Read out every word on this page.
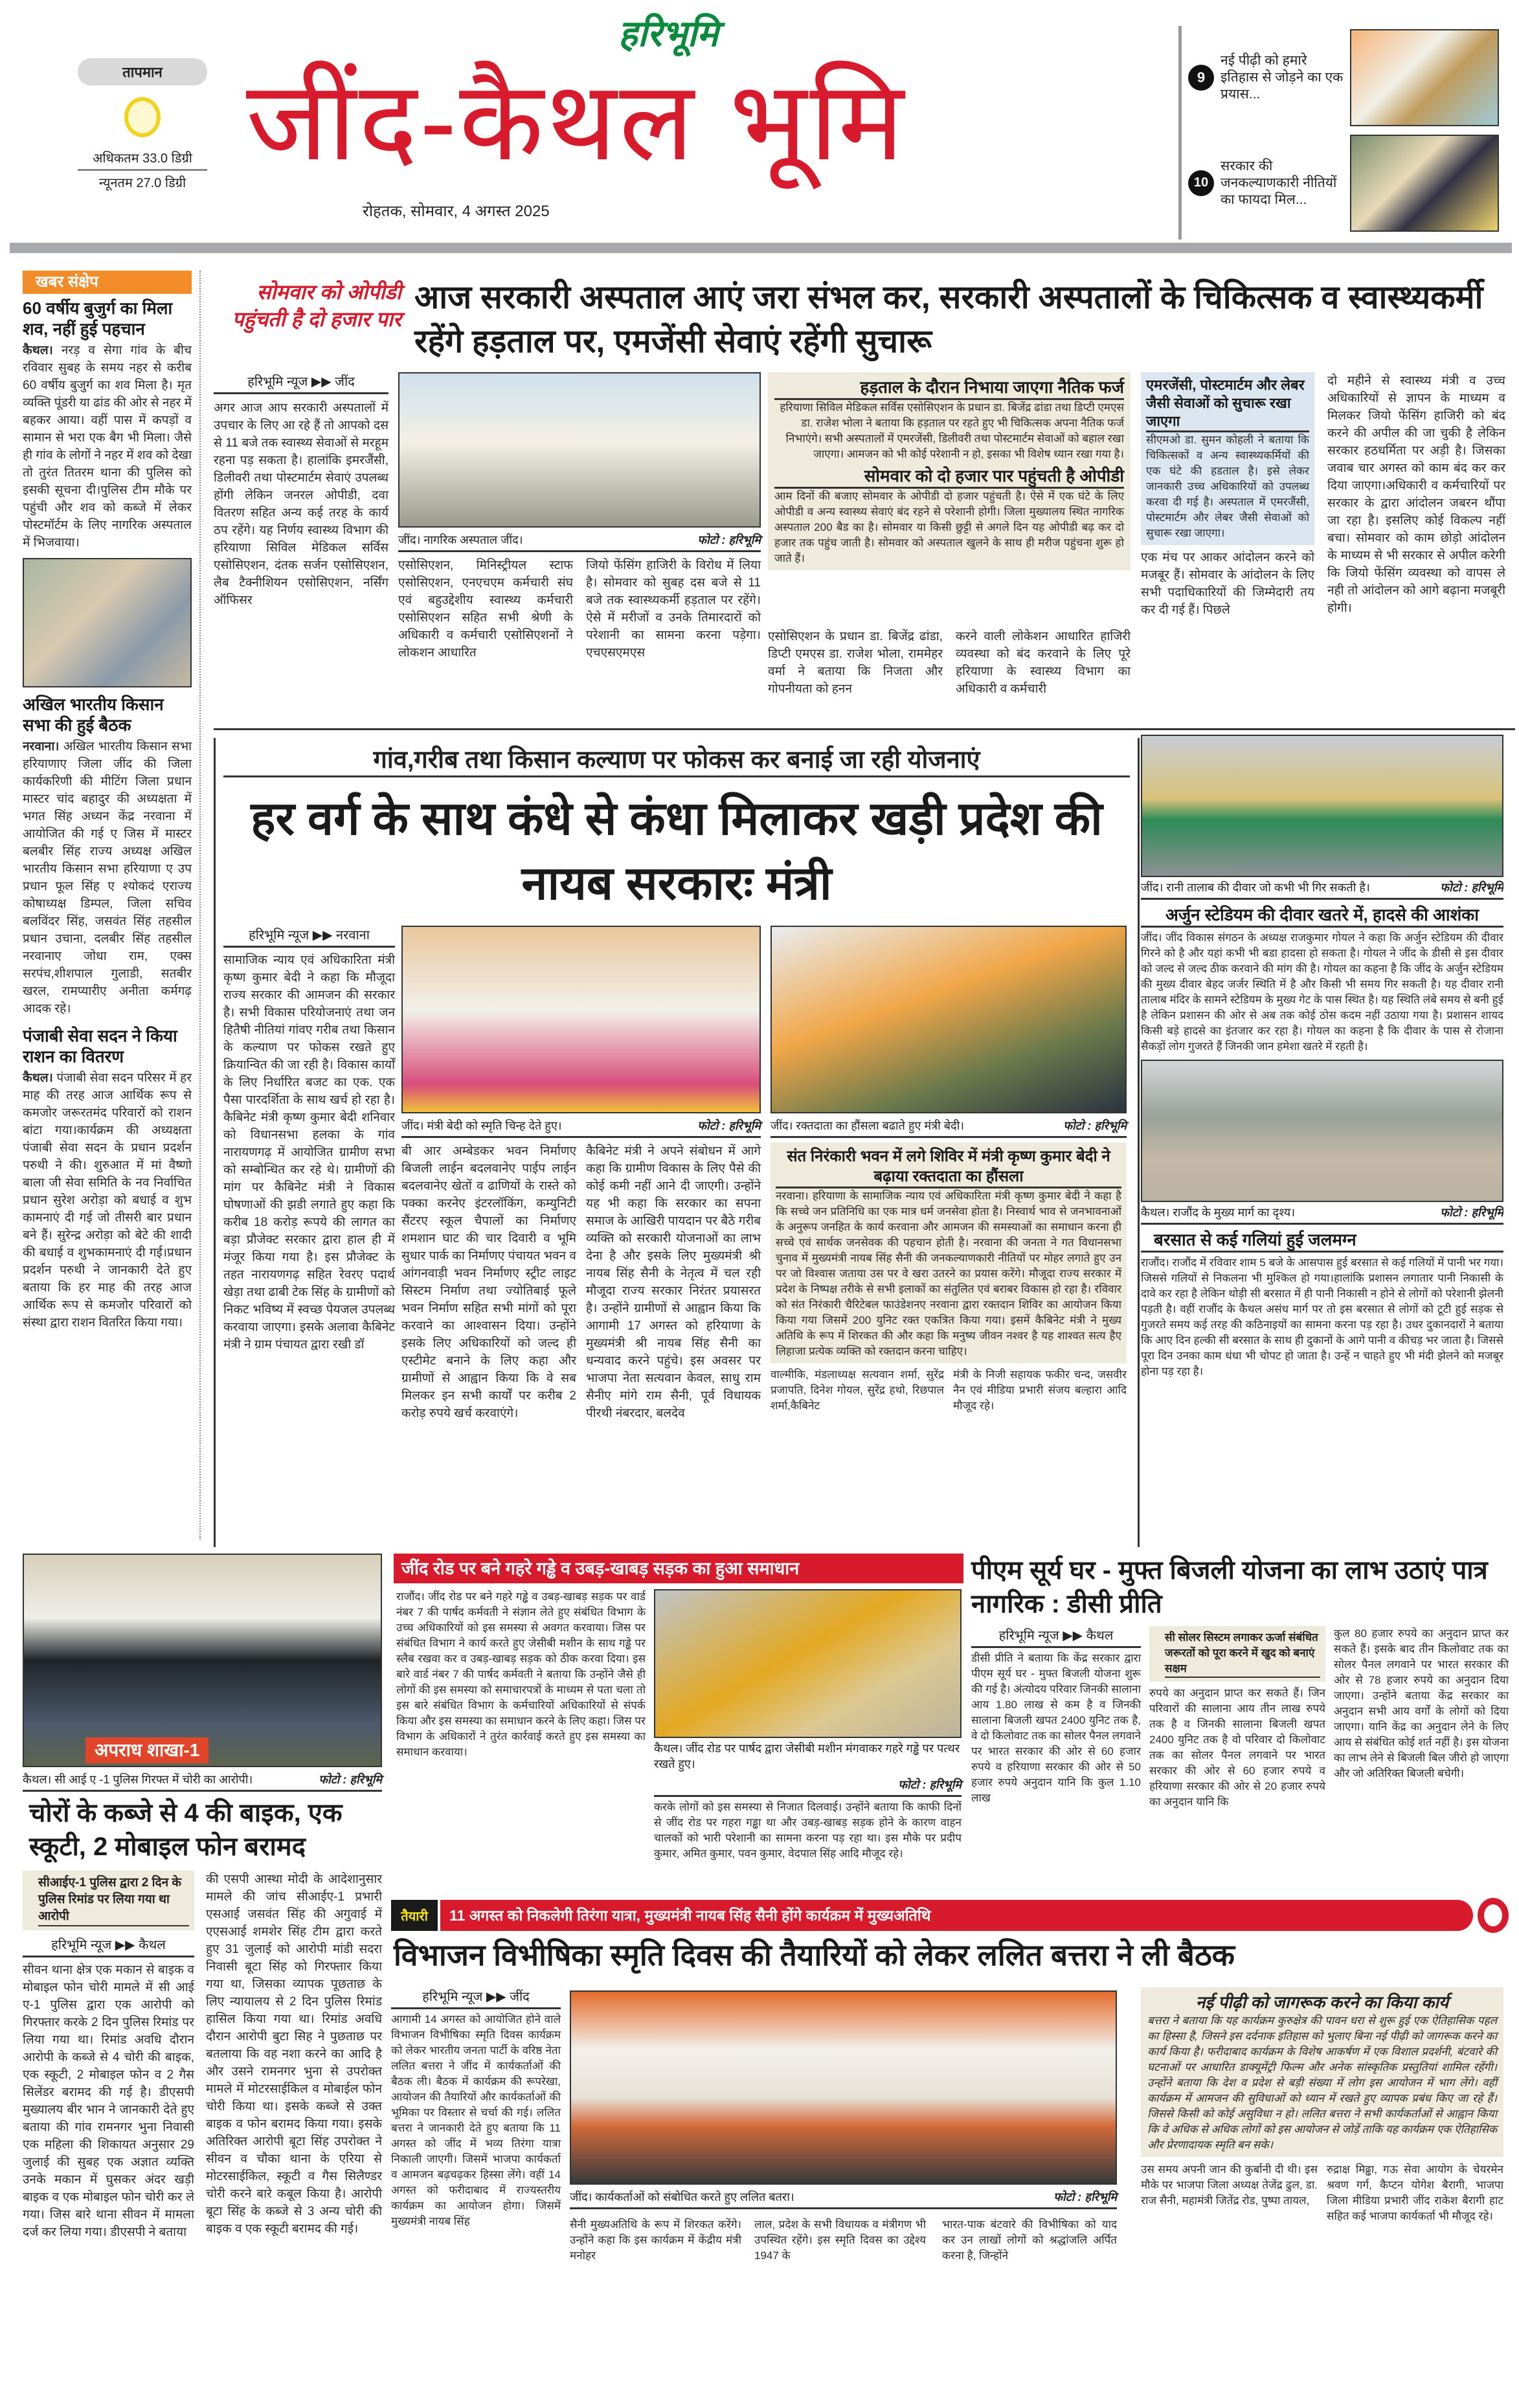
तापमान
अधिकतम 33.0 डिग्री
न्यूनतम 27.0 डिग्री
हरिभूमि
जींद-कैथल भूमि
रोहतक, सोमवार, 4 अगस्त 2025
9
नई पीढ़ी को हमारे इतिहास से जोड़ने का एक प्रयास...
10
सरकार की जनकल्याणकारी नीतियों का फायदा मिल...
खबर संक्षेप
60 वर्षीय बुजुर्ग का मिला शव, नहीं हुई पहचान
कैथल। नरड़ व सेगा गांव के बीच रविवार सुबह के समय नहर से करीब 60 वर्षीय बुजुर्ग का शव मिला है। मृत व्यक्ति पूंडरी या ढांड की ओर से नहर में बहकर आया। वहीं पास में कपड़ों व सामान से भरा एक बैग भी मिला। जैसे ही गांव के लोगों ने नहर में शव को देखा तो तुरंत तितरम थाना की पुलिस को इसकी सूचना दी।पुलिस टीम मौके पर पहुंची और शव को कब्जे में लेकर पोस्टमॉर्टम के लिए नागरिक अस्पताल में भिजवाया।
अखिल भारतीय किसान सभा की हुई बैठक
नरवाना। अखिल भारतीय किसान सभा हरियाणाए जिला जींद की जिला कार्यकरिणी की मीटिंग जिला प्रधान मास्टर चांद बहादुर की अध्यक्षता में भगत सिंह अध्यन केंद्र नरवाना में आयोजित की गई ए जिस में मास्टर बलबीर सिंह राज्य अध्यक्ष अखिल भारतीय किसान सभा हरियाणा ए उप प्रधान फूल सिंह ए श्योकदं एराज्य कोषाध्यक्ष डिम्पल, जिला सचिव बलविंदर सिंह, जसवंत सिंह तहसील प्रधान उचाना, दलबीर सिंह तहसील नरवानाए जोधा राम, एक्स सरपंच,शीशपाल गुलाडी, सतबीर खरल, रामप्यारीए अनीता कर्मगढ़ आदक रहे।
पंजाबी सेवा सदन ने किया राशन का वितरण
कैथल। पंजाबी सेवा सदन परिसर में हर माह की तरह आज आर्थिक रूप से कमजोर जरूरतमंद परिवारों को राशन बांटा गया।कार्यक्रम की अध्यक्षता पंजाबी सेवा सदन के प्रधान प्रदर्शन परुथी ने की। शुरुआत में मां वैष्णो बाला जी सेवा समिति के नव निर्वाचित प्रधान सुरेश अरोड़ा को बधाई व शुभ कामनाएं दी गई जो तीसरी बार प्रधान बने हैं। सुरेन्द्र अरोड़ा को बेटे की शादी की बधाई व शुभकामनाएं दी गई।प्रधान प्रदर्शन परुथी ने जानकारी देते हुए बताया कि हर माह की तरह आज आर्थिक रूप से कमजोर परिवारों को संस्था द्वारा राशन वितरित किया गया।
सोमवार को ओपीडी पहुंचती है दो हजार पार
आज सरकारी अस्पताल आएं जरा संभल कर, सरकारी अस्पतालों के चिकित्सक व स्वास्थ्यकर्मी रहेंगे हड़ताल पर, एमजेंसी सेवाएं रहेंगी सुचारू
हरिभूमि न्यूज ▶▶ जींद
अगर आज आप सरकारी अस्पतालों में उपचार के लिए आ रहे हैं तो आपको दस से 11 बजे तक स्वास्थ्य सेवाओं से मरहूम रहना पड़ सकता है। हालांकि इमरजैंसी, डिलीवरी तथा पोस्टमार्टम सेवाएं उपलब्ध होंगी लेकिन जनरल ओपीडी, दवा वितरण सहित अन्य कई तरह के कार्य ठप रहेंगे। यह निर्णय स्वास्थ्य विभाग की हरियाणा सिविल मेडिकल सर्विस एसोसिएशन, दंतक सर्जन एसोसिएशन, लैब टैक्नीशियन एसोसिएशन, नर्सिंग ऑफिसर
जींद। नागरिक अस्पताल जींद।	फोटो : हरिभूमि
एसोसिएशन, मिनिस्ट्रीयल स्टाफ एसोसिएशन, एनएचएम कर्मचारी संघ एवं बहुउद्देशीय स्वास्थ्य कर्मचारी एसोसिएशन सहित सभी श्रेणी के अधिकारी व कर्मचारी एसोसिएशनों ने लोकशन आधारित
जियो फेंसिंग हाजिरी के विरोध में लिया है। सोमवार को सुबह दस बजे से 11 बजे तक स्वास्थ्यकर्मी हड़ताल पर रहेंगे। ऐसे में मरीजों व उनके तिमारदारों को परेशानी का सामना करना पड़ेगा। एचएसएमएस
हड़ताल के दौरान निभाया जाएगा नैतिक फर्ज
हरियाणा सिविल मेडिकल सर्विस एसोसिएशन के प्रधान डा. बिजेंद्र ढांडा तथा डिप्टी एमएस डा. राजेश भोला ने बताया कि हड़ताल पर रहते हुए भी चिकित्सक अपना नैतिक फर्ज निभाएंगे। सभी अस्पतालों में एमरजेंसी, डिलीवरी तथा पोस्टमार्टम सेवाओं को बहाल रखा जाएगा। आमजन को भी कोई परेशानी न हो, इसका भी विशेष ध्यान रखा गया है।
सोमवार को दो हजार पार पहुंचती है ओपीडी
आम दिनों की बजाए सोमवार के ओपीडी दो हजार पहुंचती है। ऐसे में एक घंटे के लिए ओपीडी व अन्य स्वास्थ्य सेवाएं बंद रहने से परेशानी होगी। जिला मुख्यालय स्थित नागरिक अस्पताल 200 बैड का है। सोमवार या किसी छुट्टी से अगले दिन यह ओपीडी बढ़ कर दो हजार तक पहुंच जाती है। सोमवार को अस्पताल खुलने के साथ ही मरीज पहुंचना शुरू हो जाते हैं।
एसोसिएशन के प्रधान डा. बिजेंद्र ढांडा, डिप्टी एमएस डा. राजेश भोला, राममेहर वर्मा ने बताया कि निजता और गोपनीयता को हनन
करने वाली लोकेशन आधारित हाजिरी व्यवस्था को बंद करवाने के लिए पूरे हरियाणा के स्वास्थ्य विभाग का अधिकारी व कर्मचारी
एमरजेंसी, पोस्टमार्टम और लेबर जैसी सेवाओं को सुचारू रखा जाएगा
सीएमओ डा. सुमन कोहली ने बताया कि चिकित्सकों व अन्य स्वास्थ्यकर्मियों की एक घंटे की हडताल है। इसे लेकर जानकारी उच्च अधिकारियों को उपलब्ध करवा दी गई है। अस्पताल में एमरजैंसी, पोस्टमार्टम और लेबर जैसी सेवाओं को सुचारू रखा जाएगा।
एक मंच पर आकर आंदोलन करने को मजबूर हैं। सोमवार के आंदोलन के लिए सभी पदाधिकारियों की जिम्मेदारी तय कर दी गई हैं। पिछले
दो महीने से स्वास्थ्य मंत्री व उच्च अधिकारियों से ज्ञापन के माध्यम व मिलकर जियो फेंसिंग हाजिरी को बंद करने की अपील की जा चुकी है लेकिन सरकार हठधर्मिता पर अड़ी है। जिसका जवाब चार अगस्त को काम बंद कर कर दिया जाएगा।अधिकारी व कर्मचारियों पर सरकार के द्वारा आंदोलन जबरन थौंपा जा रहा है। इसलिए कोई विकल्प नहीं बचा। सोमवार को काम छोड़ो आंदोलन के माध्यम से भी सरकार से अपील करेगी कि जियो फेंसिंग व्यवस्था को वापस ले नही तो आंदोलन को आगे बढ़ाना मजबूरी होगी।
गांव,गरीब तथा किसान कल्याण पर फोकस कर बनाई जा रही योजनाएं
हर वर्ग के साथ कंधे से कंधा मिलाकर खड़ी प्रदेश की नायब सरकारः मंत्री
हरिभूमि न्यूज ▶▶ नरवाना
सामाजिक न्याय एवं अधिकारिता मंत्री कृष्ण कुमार बेदी ने कहा कि मौजूदा राज्य सरकार की आमजन की सरकार है। सभी विकास परियोजनाएं तथा जन हितैषी नीतियां गांवए गरीब तथा किसान के कल्याण पर फोकस रखते हुए क्रियान्वित की जा रही है। विकास कार्यों के लिए निर्धारित बजट का एक. एक पैसा पारदर्शिता के साथ खर्च हो रहा है। कैबिनेट मंत्री कृष्ण कुमार बेदी शनिवार को विधानसभा हलका के गांव नारायणगढ़ में आयोजित ग्रामीण सभा को सम्बोन्धित कर रहे थे। ग्रामीणों की मांग पर कैबिनेट मंत्री ने विकास घोषणाओं की झडी लगाते हुए कहा कि करीब 18 करोड़ रूपये की लागत का बड़ा प्रौजेक्ट सरकार द्वारा हाल ही में मंजूर किया गया है। इस प्रौजेक्ट के तहत नारायणगढ़ सहित रेवरए पदार्थ खेड़ा तथा ढाबी टेक सिंह के ग्रामीणों को निकट भविष्य में स्वच्छ पेयजल उपलब्ध करवाया जाएगा। इसके अलावा कैबिनेट मंत्री ने ग्राम पंचायत द्वारा रखी डॉ
जींद। मंत्री बेदी को स्मृति चिन्ह देते हुए।	फोटो : हरिभूमि जींद। रक्तदाता का हौंसला बढाते हुए मंत्री बेदी।	फोटो : हरिभूमि
बी आर अम्बेडकर भवन निर्माणए बिजली लाईन बदलवानेए पाईप लाईन बदलवानेए खेतों व ढाणियों के रास्ते को पक्का करनेए इंटरलॉकिंग, कम्युनिटी सैंटरए स्कूल चैपालों का निर्माणए शमशान घाट की चार दिवारी व भूमि सुधार पार्क का निर्माणए पंचायत भवन व आंगनवाड़ी भवन निर्माणए स्ट्रीट लाइट सिस्टम निर्माण तथा ज्योतिबाई फूले भवन निर्माण सहित सभी मांगों को पूरा करवाने का आश्वासन दिया। उन्होंने इसके लिए अधिकारियों को जल्द ही एस्टीमेट बनाने के लिए कहा और ग्रामीणों से आह्वान किया कि वे सब मिलकर इन सभी कार्यों पर करीब 2 करोड़ रुपये खर्च करवाएंगे।
कैबिनेट मंत्री ने अपने संबोधन में आगे कहा कि ग्रामीण विकास के लिए पैसे की कोई कमी नहीं आने दी जाएगी। उन्होंने यह भी कहा कि सरकार का सपना समाज के आखिरी पायदान पर बैठे गरीब व्यक्ति को सरकारी योजनाओं का लाभ देना है और इसके लिए मुख्यमंत्री श्री नायब सिंह सैनी के नेतृत्व में चल रही मौजूदा राज्य सरकार निरंतर प्रयासरत है। उन्होंने ग्रामीणों से आह्वान किया कि आगामी 17 अगस्त को हरियाणा के मुख्यमंत्री श्री नायब सिंह सैनी का धन्यवाद करने पहुंचे। इस अवसर पर भाजपा नेता सत्यवान केवल, साधु राम सैनीए मांगे राम सैनी, पूर्व विधायक पीरथी नंबरदार, बलदेव
संत निरंकारी भवन में लगे शिविर में मंत्री कृष्ण कुमार बेदी ने बढ़ाया रक्तदाता का हौंसला
नरवाना। हरियाणा के सामाजिक न्याय एवं अधिकारिता मंत्री कृष्ण कुमार बेदी ने कहा है कि सच्चे जन प्रतिनिधि का एक मात्र धर्म जनसेवा होता है। निस्वार्थ भाव से जनभावनाओं के अनुरूप जनहित के कार्य करवाना और आमजन की समस्याओं का समाधान करना ही सच्चे एवं सार्थक जनसेवक की पहचान होती है। नरवाना की जनता ने गत विधानसभा चुनाव में मुख्यमंत्री नायब सिंह सैनी की जनकल्याणकारी नीतियों पर मोहर लगाते हुए उन पर जो विश्वास जताया उस पर वे खरा उतरने का प्रयास करेंगे। मौजूदा राज्य सरकार में प्रदेश के निष्पक्ष तरीके से सभी इलाकों का संतुलित एवं बराबर विकास हो रहा है। रविवार को संत निरंकारी चैरिटेबल फाउंडेशनए नरवाना द्वारा रक्तदान शिविर का आयोजन किया किया गया जिसमें 200 युनिट रक्त एकत्रित किया गया। इसमें कैबिनेट मंत्री ने मुख्य अतिथि के रूप में शिरकत की और कहा कि मनुष्य जीवन नश्वर है यह शाश्वत सत्य हैए लिहाजा प्रत्येक व्यक्ति को रक्तदान करना चाहिए।
वाल्मीकि, मंडलाध्यक्ष सत्यवान शर्मा, सुरेंद्र प्रजापति, दिनेश गोयल, सुरेंद्र हथो, रिछपाल शर्मा,कैबिनेट
मंत्री के निजी सहायक फकीर चन्द, जसवीर नैन एवं मीडिया प्रभारी संजय बल्हारा आदि मौजूद रहे।
जींद। रानी तालाब की दीवार जो कभी भी गिर सकती है।	फोटो : हरिभूमि
अर्जुन स्टेडियम की दीवार खतरे में, हादसे की आशंका
जींद। जींद विकास संगठन के अध्यक्ष राजकुमार गोयल ने कहा कि अर्जुन स्टेडियम की दीवार गिरने को है और यहां कभी भी बडा हादसा हो सकता है। गोयल ने जींद के डीसी से इस दीवार को जल्द से जल्द ठीक करवाने की मांग की है। गोयल का कहना है कि जींद के अर्जुन स्टेडियम की मुख्य दीवार बेहद जर्जर स्थिति में है और किसी भी समय गिर सकती है। यह दीवार रानी तालाब मंदिर के सामने स्टेडियम के मुख्य गेट के पास स्थित है। यह स्थिति लंबे समय से बनी हुई है लेकिन प्रशासन की ओर से अब तक कोई ठोस कदम नहीं उठाया गया है। प्रशासन शायद किसी बड़े हादसे का इंतजार कर रहा है। गोयल का कहना है कि दीवार के पास से रोजाना सैकड़ों लोग गुजरते हैं जिनकी जान हमेशा खतरे में रहती है।
कैथल। राजौंद के मुख्य मार्ग का दृश्य।	फोटो : हरिभूमि
बरसात से कई गलियां हुई जलमग्न
राजौंद। राजौंद में रविवार शाम 5 बजे के आसपास हुई बरसात से कई गलियों में पानी भर गया। जिससे गलियों से निकलना भी मुश्किल हो गया।हालांकि प्रशासन लगातार पानी निकासी के दावे कर रहा है लेकिन थोड़ी सी बरसात में ही पानी निकासी न होने से लोगों को परेशानी झेलनी पड़ती है। वहीं राजौंद के कैथल असंध मार्ग पर तो इस बरसात से लोगों को टूटी हुई सड़क से गुजरते समय कई तरह की कठिनाइयों का सामना करना पड़ रहा है। उधर दुकानदारों ने बताया कि आए दिन हल्की सी बरसात के साथ ही दुकानों के आगे पानी व कीचड़ भर जाता है। जिससे पूरा दिन उनका काम धंधा भी चोपट हो जाता है। उन्हें न चाहते हुए भी मंदी झेलने को मजबूर होना पड़ रहा है।
अपराध शाखा-1
कैथल। सी आई ए -1 पुलिस गिरफ्त में चोरी का आरोपी।	फोटो : हरिभूमि
चोरों के कब्जे से 4 की बाइक, एक स्कूटी, 2 मोबाइल फोन बरामद
सीआईए-1 पुलिस द्वारा 2 दिन के पुलिस रिमांड पर लिया गया था आरोपी
हरिभूमि न्यूज ▶▶ कैथल
सीवन थाना क्षेत्र एक मकान से बाइक व मोबाइल फोन चोरी मामले में सी आई ए-1 पुलिस द्वारा एक आरोपी को गिरफ्तार करके 2 दिन पुलिस रिमांड पर लिया गया था। रिमांड अवधि दौरान आरोपी के कब्जे से 4 चोरी की बाइक, एक स्कूटी, 2 मोबाइल फोन व 2 गैस सिलेंडर बरामद की गई है। डीएसपी मुख्यालय बीर भान ने जानकारी देते हुए बताया की गांव रामनगर भुना निवासी एक महिला की शिकायत अनुसार 29 जुलाई की सुबह एक अज्ञात व्यक्ति उनके मकान में घुसकर अंदर खड़ी बाइक व एक मोबाइल फोन चोरी कर ले गया। जिस बारे थाना सीवन में मामला दर्ज कर लिया गया। डीएसपी ने बताया
की एसपी आस्था मोदी के आदेशानुसार मामले की जांच सीआईए-1 प्रभारी एसआई जसवंत सिंह की अगुवाई में एएसआई शमशेर सिंह टीम द्वारा करते हुए 31 जुलाई को आरोपी मांडी सदरा निवासी बूटा सिंह को गिरफ्तार किया गया था, जिसका व्यापक पूछताछ के लिए न्यायालय से 2 दिन पुलिस रिमांड हासिल किया गया था। रिमांड अवधि दौरान आरोपी बुटा सिह ने पुछताछ पर बतलाया कि वह नशा करने का आदि है और उसने रामनगर भुना से उपरोक्त मामले में मोटरसाईकिल व मोबाईल फोन चोरी किया था। इसके कब्जे से उक्त बाइक व फोन बरामद किया गया। इसके अतिरिक्त आरोपी बूटा सिंह उपरोक्त ने सीवन व चौका थाना के एरिया से मोटरसाईकिल, स्कूटी व गैस सिलैण्डर चोरी करने बारे कबूल किया है। आरोपी बूटा सिंह के कब्जे से 3 अन्य चोरी की बाइक व एक स्कूटी बरामद की गई।
जींद रोड पर बने गहरे गड्ढे व उबड़-खाबड़ सड़क का हुआ समाधान
राजौंद। जींद रोड पर बने गहरे गड्ढे व उबड़-खाबड़ सड़क पर वार्ड नंबर 7 की पार्षद कर्मवती ने संज्ञान लेते हुए संबंधित विभाग के उच्च अधिकारियों को इस समस्या से अवगत करवाया। जिस पर संबंधित विभाग ने कार्य करते हुए जेसीबी मशीन के साथ गड्ढे पर स्लैब रखवा कर व उबड़-खाबड़ सड़क को ठीक करवा दिया। इस बारे वार्ड नंबर 7 की पार्षद कर्मवती ने बताया कि उन्होंने जैसे ही लोगों की इस समस्या को समाचारपत्रों के माध्यम से पता चला तो इस बारे संबंधित विभाग के कर्मचारियों अधिकारियों से संपर्क किया और इस समस्या का समाधान करने के लिए कहा। जिस पर विभाग के अधिकारों ने तुरंत कार्रवाई करते हुए इस समस्या का समाधान करवाया।	कैथल। जींद रोड पर पार्षद द्वारा जेसीबी मशीन मंगवाकर गहरे गड्ढे पर पत्थर रखते हुए।
फोटो : हरिभूमि
करके लोगों को इस समस्या से निजात दिलवाई। उन्होंने बताया कि काफी दिनों से जींद रोड पर गहरा गड्ढा था और उबड़-खाबड़ सड़क होने के कारण वाहन चालकों को भारी परेशानी का सामना करना पड़ रहा था। इस मौके पर प्रदीप कुमार, अमित कुमार, पवन कुमार, वेदपाल सिंह आदि मौजूद रहे।
पीएम सूर्य घर - मुफ्त बिजली योजना का लाभ उठाएं पात्र नागरिक : डीसी प्रीति
हरिभूमि न्यूज ▶▶ कैथल
डीसी प्रीति ने बताया कि केंद्र सरकार द्वारा पीएम सूर्य घर - मुफ्त बिजली योजना शुरू की गई है। अंत्योदय परिवार जिनकी सालाना आय 1.80 लाख से कम है व जिनकी सालाना बिजली खपत 2400 युनिट तक है, वे दो किलोवाट तक का सोलर पैनल लगवाने पर भारत सरकार की ओर से 60 हजार रुपये व हरियाणा सरकार की ओर से 50 हजार रुपये अनुदान यानि कि कुल 1.10 लाख
सी सोलर सिस्टम लगाकर ऊर्जा संबंधित जरूरतों को पूरा करने में खुद को बनाएं सक्षम
रुपये का अनुदान प्राप्त कर सकते हैं। जिन परिवारों की सालाना आय तीन लाख रुपये तक है व जिनकी सालाना बिजली खपत 2400 युनिट तक है वो परिवार दो किलोवाट तक का सोलर पैनल लगवाने पर भारत सरकार की ओर से 60 हजार रुपये व हरियाणा सरकार की ओर से 20 हजार रुपये का अनुदान यानि कि
कुल 80 हजार रुपये का अनुदान प्राप्त कर सकते हैं। इसके बाद तीन किलोवाट तक का सोलर पैनल लगवाने पर भारत सरकार की ओर से 78 हजार रुपये का अनुदान दिया जाएगा। उन्होंने बताया केंद्र सरकार का अनुदान सभी आय वर्गों के लोगों को दिया जाएगा। यानि केंद्र का अनुदान लेने के लिए आय से संबंधित कोई शर्त नहीं है। इस योजना का लाभ लेने से बिजली बिल जीरो हो जाएगा और जो अतिरिक्त बिजली बचेगी।
तैयारी	11 अगस्त को निकलेगी तिरंगा यात्रा, मुख्यमंत्री नायब सिंह सैनी होंगे कार्यक्रम में मुख्यअतिथि
विभाजन विभीषिका स्मृति दिवस की तैयारियों को लेकर ललित बत्तरा ने ली बैठक
हरिभूमि न्यूज ▶▶ जींद
आगामी 14 अगस्त को आयोजित होने वाले विभाजन विभीषिका स्मृति दिवस कार्यक्रम को लेकर भारतीय जनता पार्टी के वरिष्ठ नेता ललित बत्तरा ने जींद में कार्यकर्ताओं की बैठक ली। बैठक में कार्यक्रम की रूपरेखा, आयोजन की तैयारियों और कार्यकर्ताओं की भूमिका पर विस्तार से चर्चा की गई। ललित बत्तरा ने जानकारी देते हुए बताया कि 11 अगस्त को जींद में भव्य तिरंगा यात्रा निकाली जाएगी। जिसमें भाजपा कार्यकर्ता व आमजन बढ़चढ़कर हिस्सा लेंगे। वहीं 14 अगस्त को फरीदाबाद में राज्यस्तरीय कार्यक्रम का आयोजन होगा। जिसमें मुख्यमंत्री नायब सिंह
जींद। कार्यकर्ताओं को संबोधित करते हुए ललित बतरा।	फोटो : हरिभूमि
सैनी मुख्यअतिथि के रूप में शिरकत करेंगे। उन्होंने कहा कि इस कार्यक्रम में केंद्रीय मंत्री मनोहर
लाल, प्रदेश के सभी विधायक व मंत्रीगण भी उपस्थित रहेंगे। इस स्मृति दिवस का उद्देश्य 1947 के
भारत-पाक बंटवारे की विभीषिका को याद कर उन लाखों लोगों को श्रद्धांजलि अर्पित करना है, जिन्होंने
नई पीढ़ी को जागरूक करने का किया कार्य
बत्तरा ने बताया कि यह कार्यक्रम कुरुक्षेत्र की पावन धरा से शुरू हुई एक ऐतिहासिक पहल का हिस्सा है, जिसने इस दर्दनाक इतिहास को भुलाए बिना नई पीढ़ी को जागरूक करने का कार्य किया है। फरीदाबाद कार्यक्रम के विशेष आकर्षण में एक विशाल प्रदर्शनी, बंटवारे की घटनाओं पर आधारित डाक्यूमेंट्री फिल्म और अनेक सांस्कृतिक प्रस्तुतियां शामिल रहेंगी। उन्होंने बताया कि देश व प्रदेश से बड़ी संख्या में लोग इस आयोजन में भाग लेंगे। वहीं कार्यक्रम में आमजन की सुविधाओं को ध्यान में रखते हुए व्यापक प्रबंध किए जा रहे हैं। जिससे किसी को कोई असुविधा न हो। ललित बत्तरा ने सभी कार्यकर्ताओं से आह्वान किया कि वे अधिक से अधिक लोगों को इस आयोजन से जोड़ें ताकि यह कार्यक्रम एक ऐतिहासिक और प्रेरणादायक स्मृति बन सके।
उस समय अपनी जान की कुर्बानी दी थी। इस मौके पर भाजपा जिला अध्यक्ष तेजेंद्र ढुल, डा. राज सैनी, महामंत्री जितेंद्र रोड, पुष्पा तायल,
रुद्राक्ष मिढ्ढा, गऊ सेवा आयोग के चेयरमेन श्रवण गर्ग, कैप्टन योगेश बैरागी, भाजपा जिला मीडिया प्रभारी जींद राकेश बैरागी हाट सहित कई भाजपा कार्यकर्ता भी मौजूद रहे।
